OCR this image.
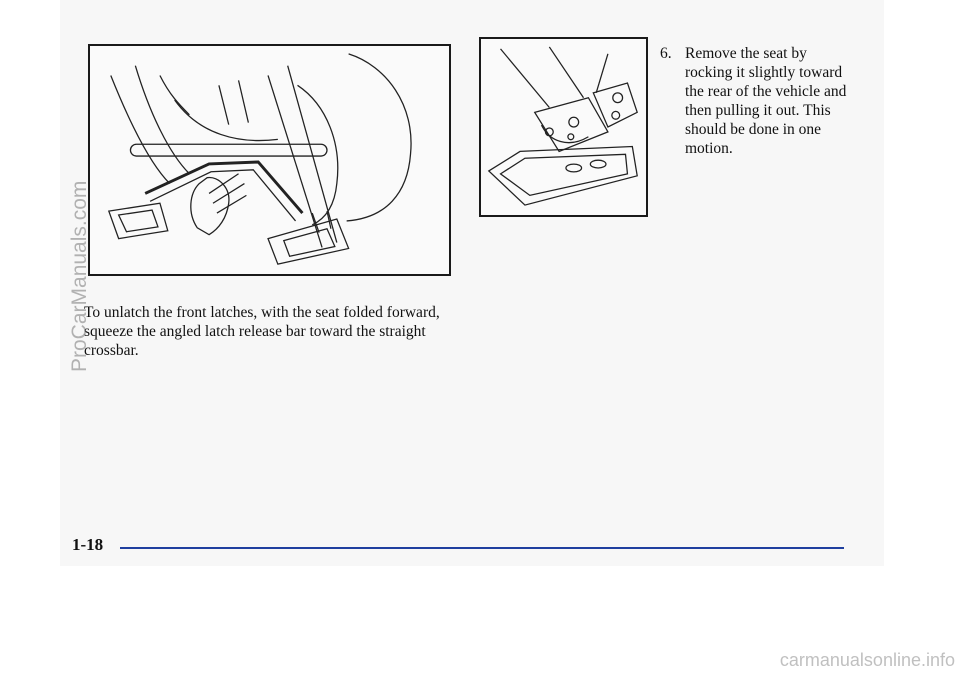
To unlatch the front latches, with the seat folded forward, squeeze the angled latch release bar toward the straight crossbar.

6. Remove the seat by rocking it slightly toward the rear of the vehicle and then pulling it out. This should be done in one motion.

1-18
ProCarManuals.com
carmanualsonline.info
